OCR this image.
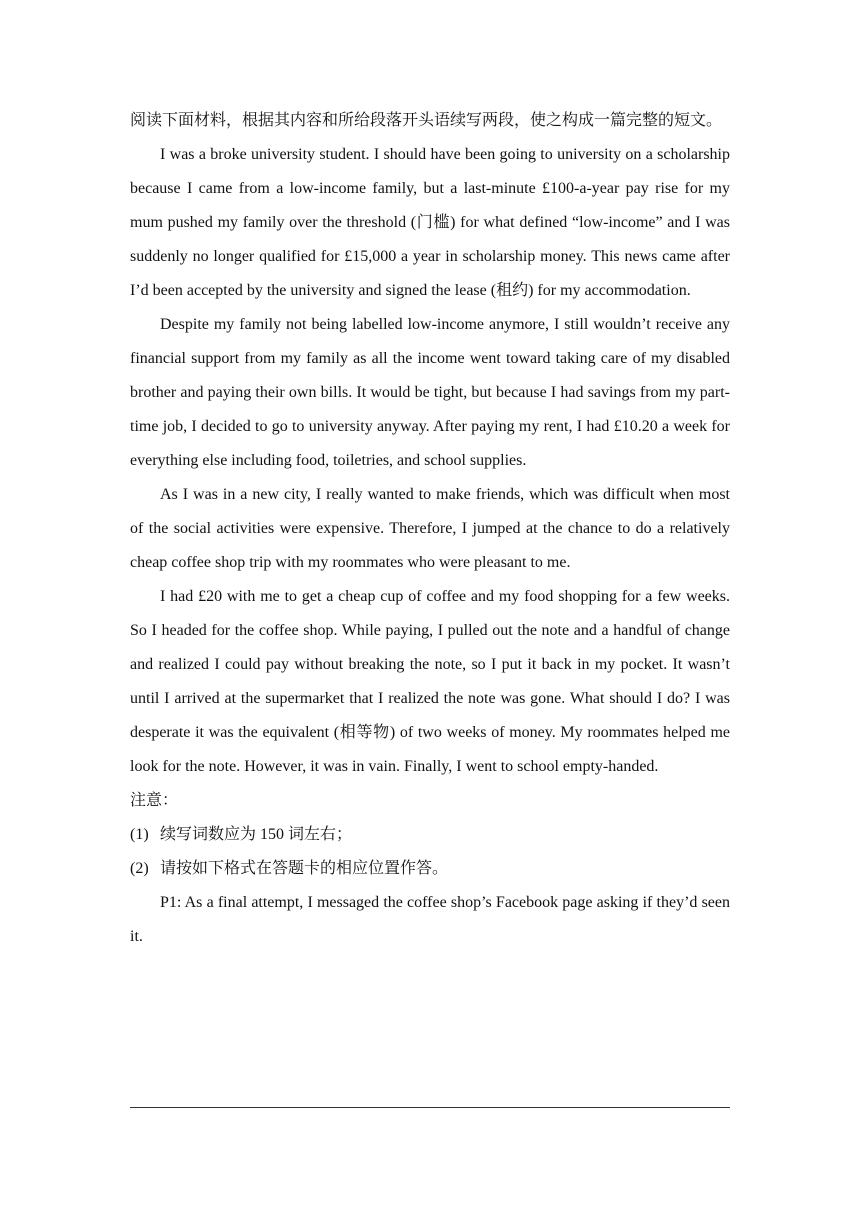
阅读下面材料，根据其内容和所给段落开头语续写两段，使之构成一篇完整的短文。

I was a broke university student. I should have been going to university on a scholarship because I came from a low-income family, but a last-minute £100-a-year pay rise for my mum pushed my family over the threshold (门槛) for what defined “low-income” and I was suddenly no longer qualified for £15,000 a year in scholarship money. This news came after I’d been accepted by the university and signed the lease (租约) for my accommodation.

Despite my family not being labelled low-income anymore, I still wouldn’t receive any financial support from my family as all the income went toward taking care of my disabled brother and paying their own bills. It would be tight, but because I had savings from my part-time job, I decided to go to university anyway. After paying my rent, I had £10.20 a week for everything else including food, toiletries, and school supplies.

As I was in a new city, I really wanted to make friends, which was difficult when most of the social activities were expensive. Therefore, I jumped at the chance to do a relatively cheap coffee shop trip with my roommates who were pleasant to me.

I had £20 with me to get a cheap cup of coffee and my food shopping for a few weeks. So I headed for the coffee shop. While paying, I pulled out the note and a handful of change and realized I could pay without breaking the note, so I put it back in my pocket. It wasn’t until I arrived at the supermarket that I realized the note was gone. What should I do? I was desperate it was the equivalent (相等物) of two weeks of money. My roommates helped me look for the note. However, it was in vain. Finally, I went to school empty-handed.

注意：

(1) 续写词数应为 150 词左右；

(2) 请按如下格式在答题卡的相应位置作答。

P1: As a final attempt, I messaged the coffee shop’s Facebook page asking if they’d seen it.
